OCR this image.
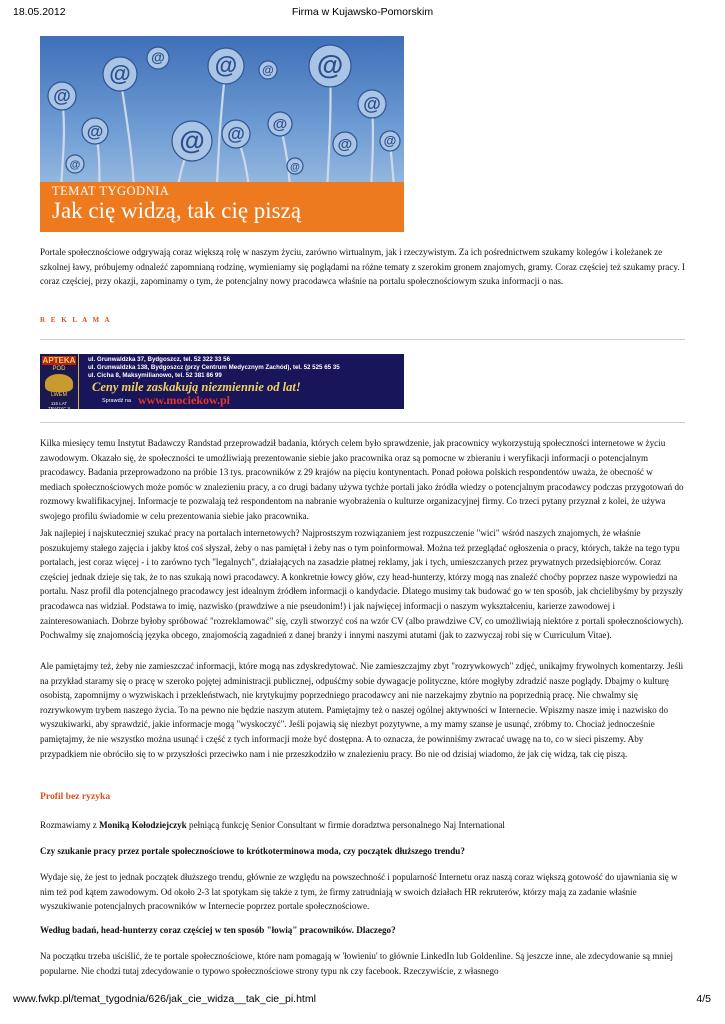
18.05.2012	Firma w Kujawsko-Pomorskim
@
@
@
@
@
@
@ @
@ @
@
@
@
@
@
TEMAT TYGODNIA
Jak cię widzą, tak cię piszą

Portale społecznościowe odgrywają coraz większą rolę w naszym życiu, zarówno wirtualnym, jak i rzeczywistym. Za ich pośrednictwem szukamy kolegów i koleżanek ze szkolnej ławy, próbujemy odnaleźć zapomnianą rodzinę, wymieniamy się poglądami na różne tematy z szerokim gronem znajomych, gramy. Coraz częściej też szukamy pracy. I coraz częściej, przy okazji, zapominamy o tym, że potencjalny nowy pracodawca właśnie na portalu społecznościowym szuka informacji o nas.

R E K L A M A
APTEKA
POD
LWEM
115 LAT TRADYCJI
ul. Grunwaldzka 37, Bydgoszcz, tel. 52 322 33 56
ul. Grunwaldzka 138, Bydgoszcz (przy Centrum Medycznym Zachód), tel. 52 525 65 35
ul. Cicha 8, Maksymilianowo, tel. 52 381 86 99
Ceny mile zaskakują niezmiennie od lat!
Sprawdź na www.mociekow.pl

Kilka miesięcy temu Instytut Badawczy Randstad przeprowadził badania, których celem było sprawdzenie, jak pracownicy wykorzystują społeczności internetowe w życiu zawodowym. Okazało się, że społeczności te umożliwiają prezentowanie siebie jako pracownika oraz są pomocne w zbieraniu i weryfikacji informacji o potencjalnym pracodawcy. Badania przeprowadzono na próbie 13 tys. pracowników z 29 krajów na pięciu kontynentach. Ponad połowa polskich respondentów uważa, że obecność w mediach społecznościowych może pomóc w znalezieniu pracy, a co drugi badany używa tychże portali jako źródła wiedzy o potencjalnym pracodawcy podczas przygotowań do rozmowy kwalifikacyjnej. Informacje te pozwalają też respondentom na nabranie wyobrażenia o kulturze organizacyjnej firmy. Co trzeci pytany przyznał z kolei, że używa swojego profilu świadomie w celu prezentowania siebie jako pracownika.

Jak najlepiej i najskuteczniej szukać pracy na portalach internetowych? Najprostszym rozwiązaniem jest rozpuszczenie "wici" wśród naszych znajomych, że właśnie poszukujemy stałego zajęcia i jakby ktoś coś słyszał, żeby o nas pamiętał i żeby nas o tym poinformował. Można też przeglądać ogłoszenia o pracy, których, także na tego typu portalach, jest coraz więcej - i to zarówno tych "legalnych", działających na zasadzie płatnej reklamy, jak i tych, umieszczanych przez prywatnych przedsiębiorców. Coraz częściej jednak dzieje się tak, że to nas szukają nowi pracodawcy. A konkretnie łowcy głów, czy head-hunterzy, którzy mogą nas znaleźć choćby poprzez nasze wypowiedzi na portalu. Nasz profil dla potencjalnego pracodawcy jest idealnym źródłem informacji o kandydacie. Dlatego musimy tak budować go w ten sposób, jak chcielibyśmy by przyszły pracodawca nas widział. Podstawa to imię, nazwisko (prawdziwe a nie pseudonim!) i jak najwięcej informacji o naszym wykształceniu, karierze zawodowej i zainteresowaniach. Dobrze byłoby spróbować "rozreklamować" się, czyli stworzyć coś na wzór CV (albo prawdziwe CV, co umożliwiają niektóre z portali społecznościowych). Pochwalmy się znajomością języka obcego, znajomością zagadnień z danej branży i innymi naszymi atutami (jak to zazwyczaj robi się w Curriculum Vitae).

Ale pamiętajmy też, żeby nie zamieszczać informacji, które mogą nas zdyskredytować. Nie zamieszczajmy zbyt "rozrywkowych" zdjęć, unikajmy frywolnych komentarzy. Jeśli na przykład staramy się o pracę w szeroko pojętej administracji publicznej, odpuśćmy sobie dywagacje polityczne, które mogłyby zdradzić nasze poglądy. Dbajmy o kulturę osobistą, zapomnijmy o wyzwiskach i przekleństwach, nie krytykujmy poprzedniego pracodawcy ani nie narzekajmy zbytnio na poprzednią pracę. Nie chwalmy się rozrywkowym trybem naszego życia. To na pewno nie będzie naszym atutem. Pamiętajmy też o naszej ogólnej aktywności w Internecie. Wpiszmy nasze imię i nazwisko do wyszukiwarki, aby sprawdzić, jakie informacje mogą "wyskoczyć". Jeśli pojawią się niezbyt pozytywne, a my mamy szanse je usunąć, zróbmy to. Chociaż jednocześnie pamiętajmy, że nie wszystko można usunąć i część z tych informacji może być dostępna. A to oznacza, że powinniśmy zwracać uwagę na to, co w sieci piszemy. Aby przypadkiem nie obróciło się to w przyszłości przeciwko nam i nie przeszkodziło w znalezieniu pracy. Bo nie od dzisiaj wiadomo, że jak cię widzą, tak cię piszą.

Profil bez ryzyka

Rozmawiamy z Moniką Kołodziejczyk pełniącą funkcję Senior Consultant w firmie doradztwa personalnego Naj International

Czy szukanie pracy przez portale społecznościowe to krótkoterminowa moda, czy początek dłuższego trendu?

Wydaje się, że jest to jednak początek dłuższego trendu, głównie ze względu na powszechność i popularność Internetu oraz naszą coraz większą gotowość do ujawniania się w nim też pod kątem zawodowym. Od około 2-3 lat spotykam się także z tym, że firmy zatrudniają w swoich działach HR rekruterów, którzy mają za zadanie właśnie wyszukiwanie potencjalnych pracowników w Internecie poprzez portale społecznościowe.

Według badań, head-hunterzy coraz częściej w ten sposób "łowią" pracowników. Dlaczego?

Na początku trzeba uściślić, że te portale społecznościowe, które nam pomagają w 'łowieniu' to głównie LinkedIn lub Goldenline. Są jeszcze inne, ale zdecydowanie są mniej popularne. Nie chodzi tutaj zdecydowanie o typowo społecznościowe strony typu nk czy facebook. Rzeczywiście, z własnego

www.fwkp.pl/temat_tygodnia/626/jak_cie_widza__tak_cie_pi.html	4/5
